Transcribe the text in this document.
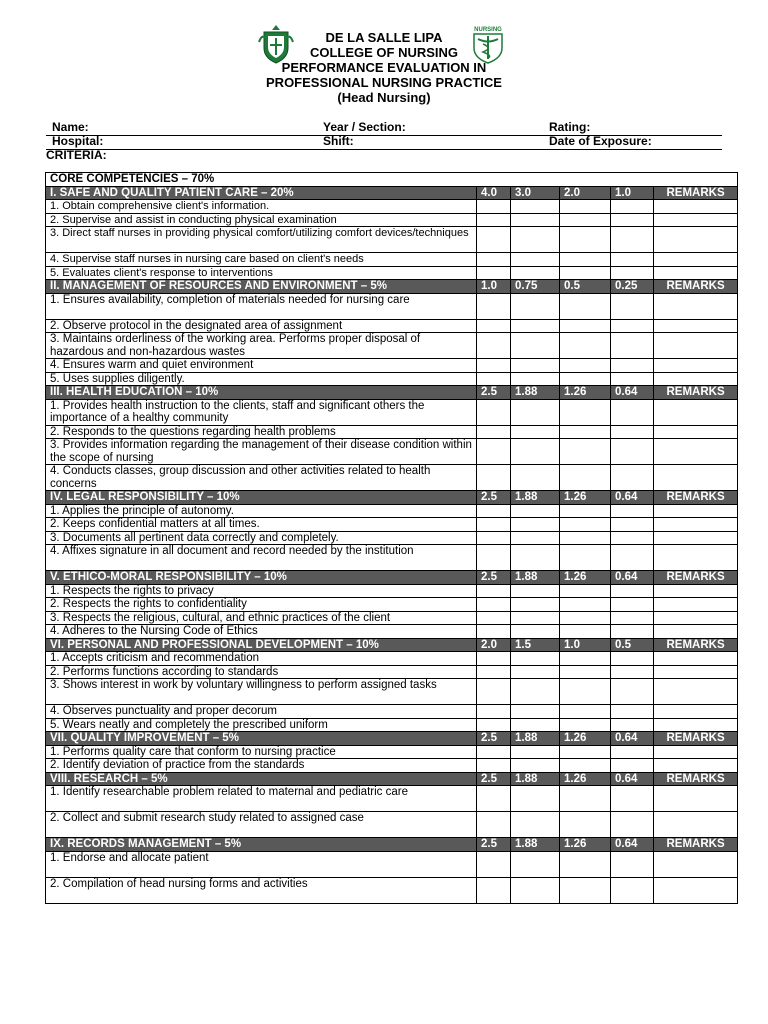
NURSING
DE LA SALLE LIPA
COLLEGE OF NURSING
PERFORMANCE EVALUATION IN
PROFESSIONAL NURSING PRACTICE
(Head Nursing)
Name:	Year / Section:	Rating:
Hospital:	Shift:	Date of Exposure:
CRITERIA:
CORE COMPETENCIES – 70%					
I. SAFE AND QUALITY PATIENT CARE – 20%	4.0	3.0	2.0	1.0	REMARKS
1. Obtain comprehensive client's information.					
2. Supervise and assist in conducting physical examination					
3. Direct staff nurses in providing physical comfort/utilizing comfort devices/techniques					
4. Supervise staff nurses in nursing care based on client's needs					
5. Evaluates client's response to interventions					
II. MANAGEMENT OF RESOURCES AND ENVIRONMENT – 5%	1.0	0.75	0.5	0.25	REMARKS
1. Ensures availability, completion of materials needed for nursing care					
2. Observe protocol in the designated area of assignment					
3. Maintains orderliness of the working area. Performs proper disposal of hazardous and non-hazardous wastes					
4. Ensures warm and quiet environment					
5. Uses supplies diligently.					
III. HEALTH EDUCATION – 10%	2.5	1.88	1.26	0.64	REMARKS
1. Provides health instruction to the clients, staff and significant others the importance of a healthy community					
2. Responds to the questions regarding health problems					
3. Provides information regarding the management of their disease condition within the scope of nursing					
4. Conducts classes, group discussion and other activities related to health concerns					
IV. LEGAL RESPONSIBILITY – 10%	2.5	1.88	1.26	0.64	REMARKS
1. Applies the principle of autonomy.					
2. Keeps confidential matters at all times.					
3. Documents all pertinent data correctly and completely.					
4. Affixes signature in all document and record needed by the institution					
V. ETHICO-MORAL RESPONSIBILITY – 10%	2.5	1.88	1.26	0.64	REMARKS
1. Respects the rights to privacy					
2. Respects the rights to confidentiality					
3. Respects the religious, cultural, and ethnic practices of the client					
4. Adheres to the Nursing Code of Ethics					
VI. PERSONAL AND PROFESSIONAL DEVELOPMENT – 10%	2.0	1.5	1.0	0.5	REMARKS
1. Accepts criticism and recommendation					
2. Performs functions according to standards					
3. Shows interest in work by voluntary willingness to perform assigned tasks					
4. Observes punctuality and proper decorum					
5. Wears neatly and completely the prescribed uniform					
VII. QUALITY IMPROVEMENT – 5%	2.5	1.88	1.26	0.64	REMARKS
1. Performs quality care that conform to nursing practice					
2. Identify deviation of practice from the standards					
VIII. RESEARCH – 5%	2.5	1.88	1.26	0.64	REMARKS
1. Identify researchable problem related to maternal and pediatric care					
2. Collect and submit research study related to assigned case					
IX. RECORDS MANAGEMENT – 5%	2.5	1.88	1.26	0.64	REMARKS
1. Endorse and allocate patient					
2. Compilation of head nursing forms and activities					
